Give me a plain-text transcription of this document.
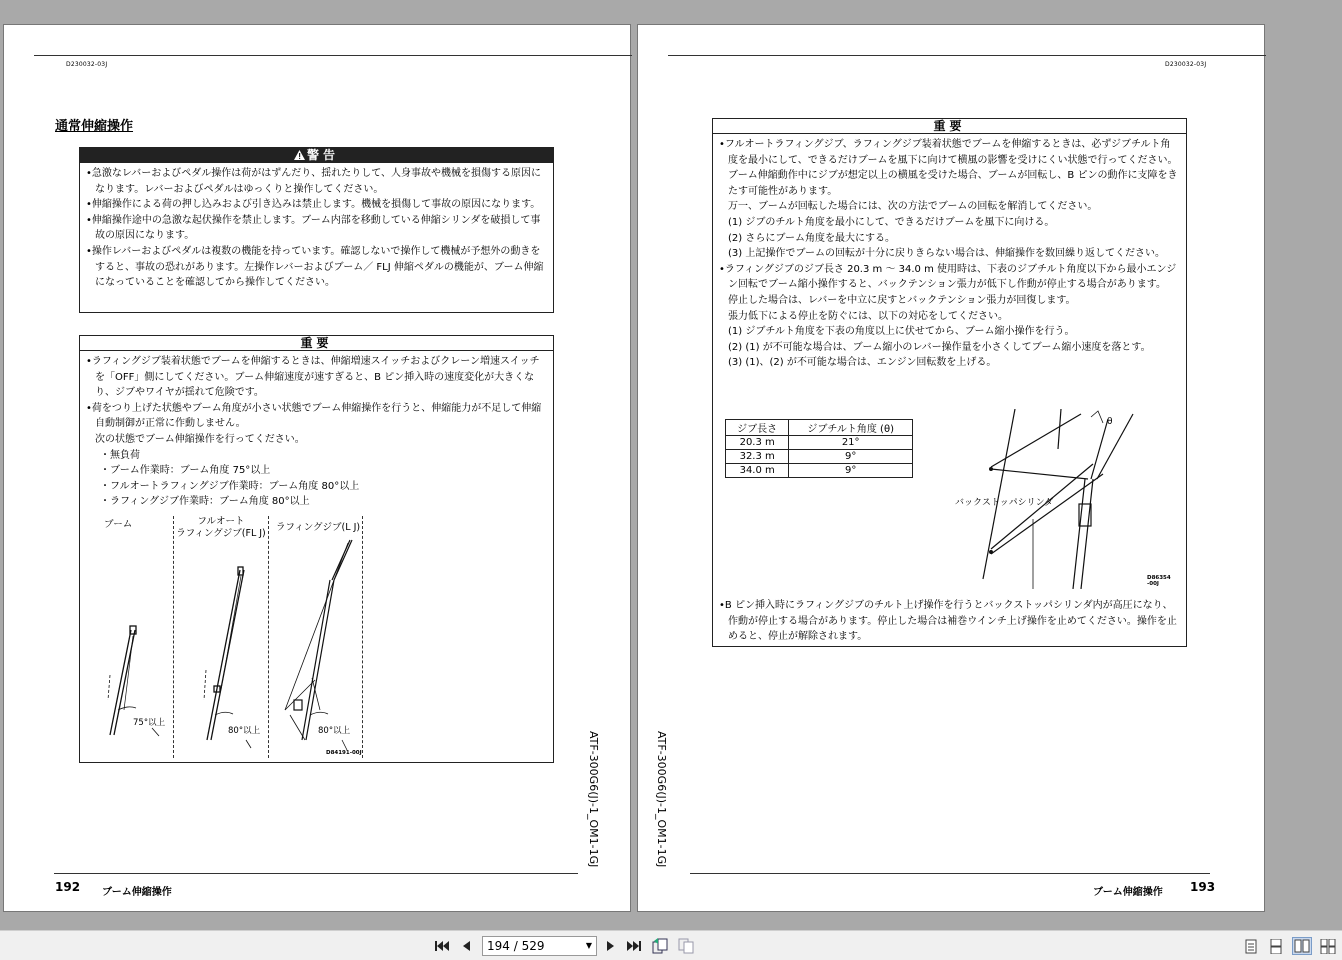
D230032-03J
通常伸縮操作
警告

•急激なレバーおよびペダル操作は荷がはずんだり、揺れたりして、人身事故や機械を損傷する原因になります。レバーおよびペダルはゆっくりと操作してください。

•伸縮操作による荷の押し込みおよび引き込みは禁止します。機械を損傷して事故の原因になります。

•伸縮操作途中の急激な起伏操作を禁止します。ブーム内部を移動している伸縮シリンダを破損して事故の原因になります。

•操作レバーおよびペダルは複数の機能を持っています。確認しないで操作して機械が予想外の動きをすると、事故の恐れがあります。左操作レバーおよびブーム／ FLJ 伸縮ペダルの機能が、ブーム伸縮になっていることを確認してから操作してください。

重要

•ラフィングジブ装着状態でブームを伸縮するときは、伸縮増速スイッチおよびクレーン増速スイッチを「OFF」側にしてください。ブーム伸縮速度が速すぎると、B ピン挿入時の速度変化が大きくなり、ジブやワイヤが揺れて危険です。

•荷をつり上げた状態やブーム角度が小さい状態でブーム伸縮操作を行うと、伸縮能力が不足して伸縮自動制御が正常に作動しません。

次の状態でブーム伸縮操作を行ってください。

・無負荷

・ブーム作業時：ブーム角度 75°以上

・フルオートラフィングジブ作業時：ブーム角度 80°以上

・ラフィングジブ作業時：ブーム角度 80°以上

ブーム	フルオート
ラフィングジブ(FL J)
ラフィングジブ(L J)
75°以上
80°以上	80°以上
D84191-00J	ATF-300G6(J)-1_OM1-1GJ
192 ブーム伸縮操作
D230032-03J
重要

•フルオートラフィングジブ、ラフィングジブ装着状態でブームを伸縮するときは、必ずジブチルト角度を最小にして、できるだけブームを風下に向けて横風の影響を受けにくい状態で行ってください。

ブーム伸縮動作中にジブが想定以上の横風を受けた場合、ブームが回転し、B ピンの動作に支障をきたす可能性があります。

万一、ブームが回転した場合には、次の方法でブームの回転を解消してください。

(1) ジブのチルト角度を最小にして、できるだけブームを風下に向ける。

(2) さらにブーム角度を最大にする。

(3) 上記操作でブームの回転が十分に戻りきらない場合は、伸縮操作を数回繰り返してください。

•ラフィングジブのジブ長さ 20.3 m ～ 34.0 m 使用時は、下表のジブチルト角度以下から最小エンジン回転でブーム縮小操作すると、バックテンション張力が低下し作動が停止する場合があります。

停止した場合は、レバーを中立に戻すとバックテンション張力が回復します。

張力低下による停止を防ぐには、以下の対応をしてください。

(1) ジブチルト角度を下表の角度以上に伏せてから、ブーム縮小操作を行う。

(2) (1) が不可能な場合は、ブーム縮小のレバー操作量を小さくしてブーム縮小速度を落とす。

(3) (1)、(2) が不可能な場合は、エンジン回転数を上げる。

ジブ長さ	ジブチルト角度 (θ)
20.3 m	21°
32.3 m	9°
34.0 m	9°
バックストッパシリンダ
θ
D86354 -00J

•B ピン挿入時にラフィングジブのチルト上げ操作を行うとバックストッパシリンダ内が高圧になり、作動が停止する場合があります。停止した場合は補巻ウインチ上げ操作を止めてください。操作を止めると、停止が解除されます。

ATF-300G6(J)-1_OM1-1GJ
ブーム伸縮操作 193
194 / 529	▼
